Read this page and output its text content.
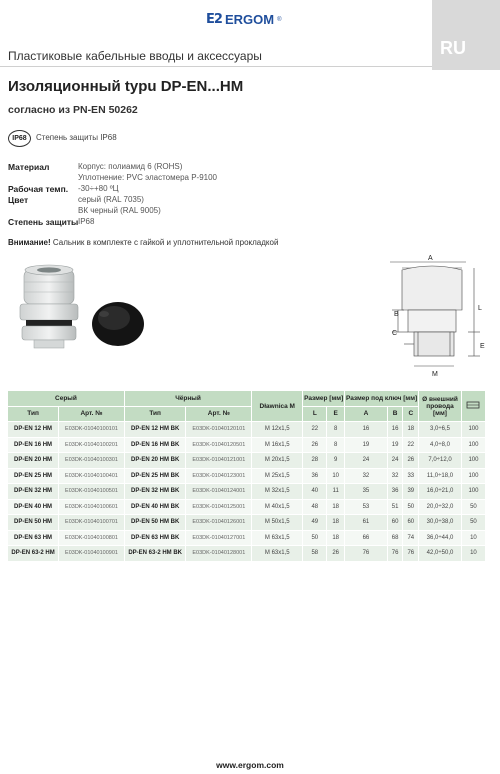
E2 ERGOM ®
RU
Пластиковые кабельные вводы и аксессуары
Изоляционный typu DP-EN...HM
согласно из PN-EN 50262
IP68	Степень защиты IP68
Материал	Корпус: полиамид 6 (ROHS)
Уплотнение: PVC эластомера P-9100
Рабочая темп. -30÷+80 ºЦ
Цвет	серый (RAL 7035)
ВК черный (RAL 9005)
Степень защиты IP68
Внимание! Сальник в комплекте с гайкой и уплотнительной прокладкой
A
L
B
C
E
M
Серый		Чёрный		Dławnica M	Размер [мм]		Размер под ключ [мм]			Ø внешний провода [мм]	
Тип	Арт. №	Тип	Арт. №		L	E	A	B	C		
DP-EN 12 HM	E03DK-01040100101	DP-EN 12 HM BK	E03DK-01040120101	M 12x1,5	22	8	16	16	18	3,0÷6,5	100
DP-EN 16 HM	E03DK-01040100201	DP-EN 16 HM BK	E03DK-01040120501	M 16x1,5	26	8	19	19	22	4,0÷8,0	100
DP-EN 20 HM	E03DK-01040100301	DP-EN 20 HM BK	E03DK-01040121001	M 20x1,5	28	9	24	24	26	7,0÷12,0	100
DP-EN 25 HM	E03DK-01040100401	DP-EN 25 HM BK	E03DK-01040123001	M 25x1,5	36	10	32	32	33	11,0÷18,0	100
DP-EN 32 HM	E03DK-01040100501	DP-EN 32 HM BK	E03DK-01040124001	M 32x1,5	40	11	35	36	39	16,0÷21,0	100
DP-EN 40 HM	E03DK-01040100601	DP-EN 40 HM BK	E03DK-01040125001	M 40x1,5	48	18	53	51	50	20,0÷32,0	50
DP-EN 50 HM	E03DK-01040100701	DP-EN 50 HM BK	E03DK-01040126001	M 50x1,5	49	18	61	60	60	30,0÷38,0	50
DP-EN 63 HM	E03DK-01040100801	DP-EN 63 HM BK	E03DK-01040127001	M 63x1,5	50	18	66	68	74	36,0÷44,0	10
DP-EN 63-2 HM	E03DK-01040100901	DP-EN 63-2 HM BK	E03DK-01040128001	M 63x1,5	58	26	76	76	76	42,0÷50,0	10
www.ergom.com
